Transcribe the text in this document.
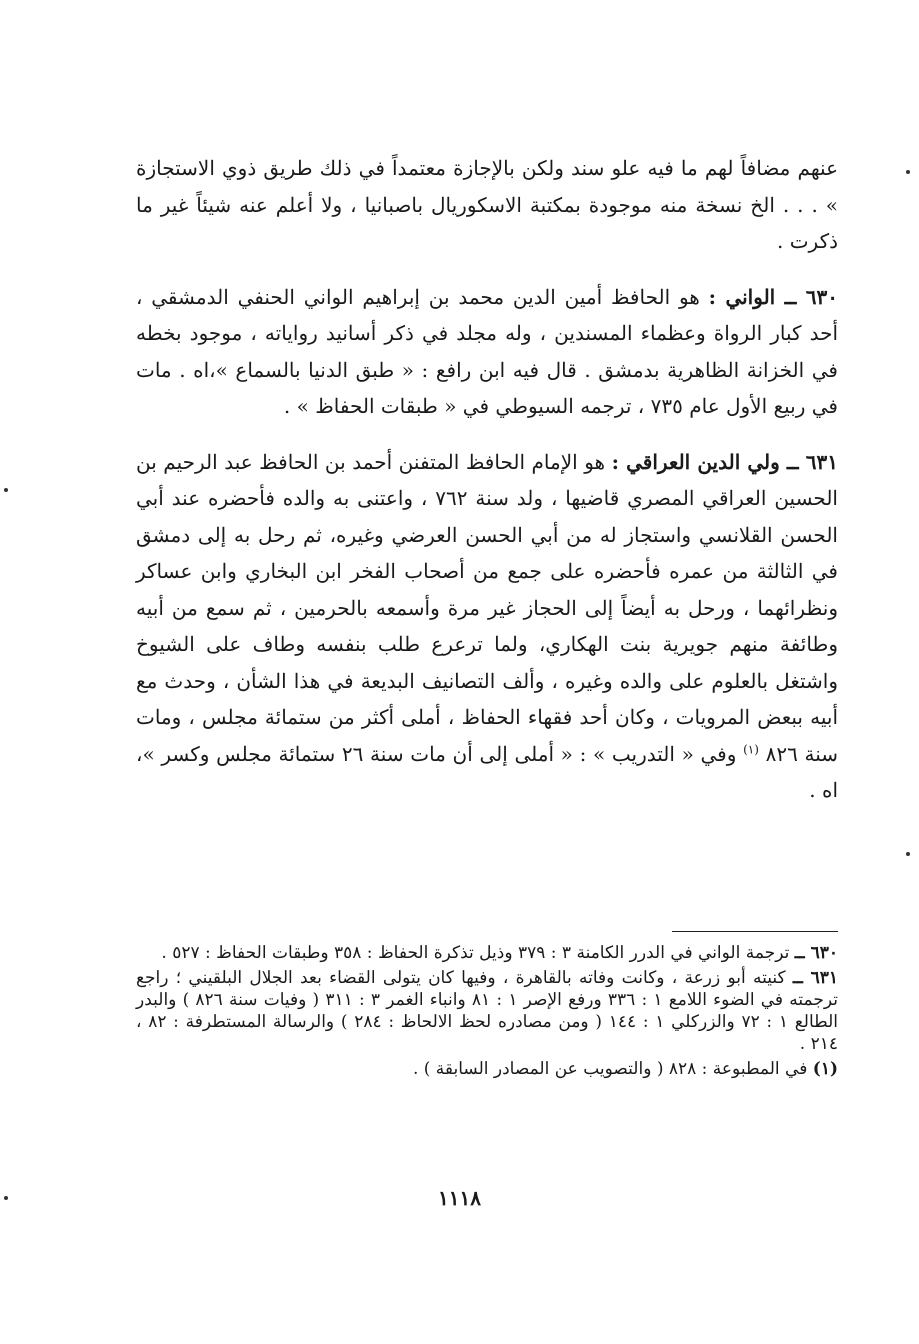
عنهم مضافاً لهم ما فيه علو سند ولكن بالإجازة معتمداً في ذلك طريق ذوي الاستجازة » . . . الخ نسخة منه موجودة بمكتبة الاسكوريال باصبانيا ، ولا أعلم عنه شيئاً غير ما ذكرت .

٦٣٠ ــ الواني : هو الحافظ أمين الدين محمد بن إبراهيم الواني الحنفي الدمشقي ، أحد كبار الرواة وعظماء المسندين ، وله مجلد في ذكر أسانيد رواياته ، موجود بخطه في الخزانة الظاهرية بدمشق . قال فيه ابن رافع : « طبق الدنيا بالسماع »،اه . مات في ربيع الأول عام ٧٣٥ ، ترجمه السيوطي في « طبقات الحفاظ » .

٦٣١ ــ ولي الدين العراقي : هو الإمام الحافظ المتفنن أحمد بن الحافظ عبد الرحيم بن الحسين العراقي المصري قاضيها ، ولد سنة ٧٦٢ ، واعتنى به والده فأحضره عند أبي الحسن القلانسي واستجاز له من أبي الحسن العرضي وغيره، ثم رحل به إلى دمشق في الثالثة من عمره فأحضره على جمع من أصحاب الفخر ابن البخاري وابن عساكر ونظرائهما ، ورحل به أيضاً إلى الحجاز غير مرة وأسمعه بالحرمين ، ثم سمع من أبيه وطائفة منهم جويرية بنت الهكاري، ولما ترعرع طلب بنفسه وطاف على الشيوخ واشتغل بالعلوم على والده وغيره ، وألف التصانيف البديعة في هذا الشأن ، وحدث مع أبيه ببعض المرويات ، وكان أحد فقهاء الحفاظ ، أملى أكثر من ستمائة مجلس ، ومات سنة ٨٢٦ $^{(١)}$ وفي « التدريب » : « أملى إلى أن مات سنة ٢٦ ستمائة مجلس وكسر »، اه .

٦٣٠ ــ ترجمة الواني في الدرر الكامنة ٣ : ٣٧٩ وذيل تذكرة الحفاظ : ٣٥٨ وطبقات الحفاظ : ٥٢٧ .

٦٣١ ــ كنيته أبو زرعة ، وكانت وفاته بالقاهرة ، وفيها كان يتولى القضاء بعد الجلال البلقيني ؛ راجع ترجمته في الضوء اللامع ١ : ٣٣٦ ورفع الإصر ١ : ٨١ وانباء الغمر ٣ : ٣١١ ( وفيات سنة ٨٢٦ ) والبدر الطالع ١ : ٧٢ والزركلي ١ : ١٤٤ ( ومن مصادره لحظ الالحاظ : ٢٨٤ ) والرسالة المستطرفة : ٨٢ ، ٢١٤ .

(١) في المطبوعة : ٨٢٨ ( والتصويب عن المصادر السابقة ) .

١١١٨
